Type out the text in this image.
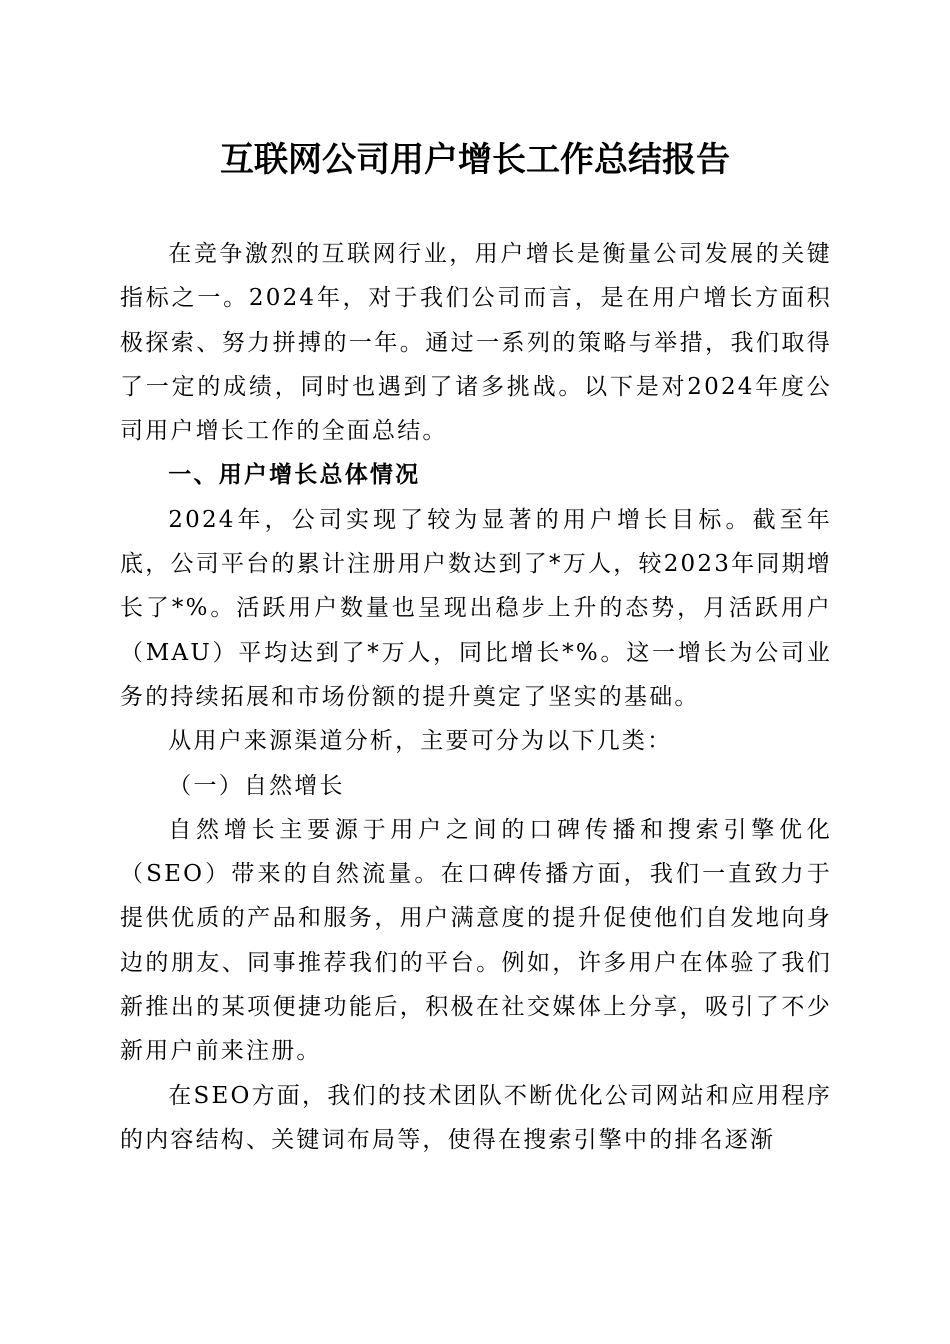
互联网公司用户增长工作总结报告

在竞争激烈的互联网行业，用户增长是衡量公司发展的关键指标之一。2024年，对于我们公司而言，是在用户增长方面积极探索、努力拼搏的一年。通过一系列的策略与举措，我们取得了一定的成绩，同时也遇到了诸多挑战。以下是对2024年度公司用户增长工作的全面总结。

一、用户增长总体情况

2024年，公司实现了较为显著的用户增长目标。截至年底，公司平台的累计注册用户数达到了*万人，较2023年同期增长了*%。活跃用户数量也呈现出稳步上升的态势，月活跃用户（MAU）平均达到了*万人，同比增长*%。这一增长为公司业务的持续拓展和市场份额的提升奠定了坚实的基础。

从用户来源渠道分析，主要可分为以下几类：

（一）自然增长

自然增长主要源于用户之间的口碑传播和搜索引擎优化（SEO）带来的自然流量。在口碑传播方面，我们一直致力于提供优质的产品和服务，用户满意度的提升促使他们自发地向身边的朋友、同事推荐我们的平台。例如，许多用户在体验了我们新推出的某项便捷功能后，积极在社交媒体上分享，吸引了不少新用户前来注册。

在SEO方面，我们的技术团队不断优化公司网站和应用程序的内容结构、关键词布局等，使得在搜索引擎中的排名逐渐
